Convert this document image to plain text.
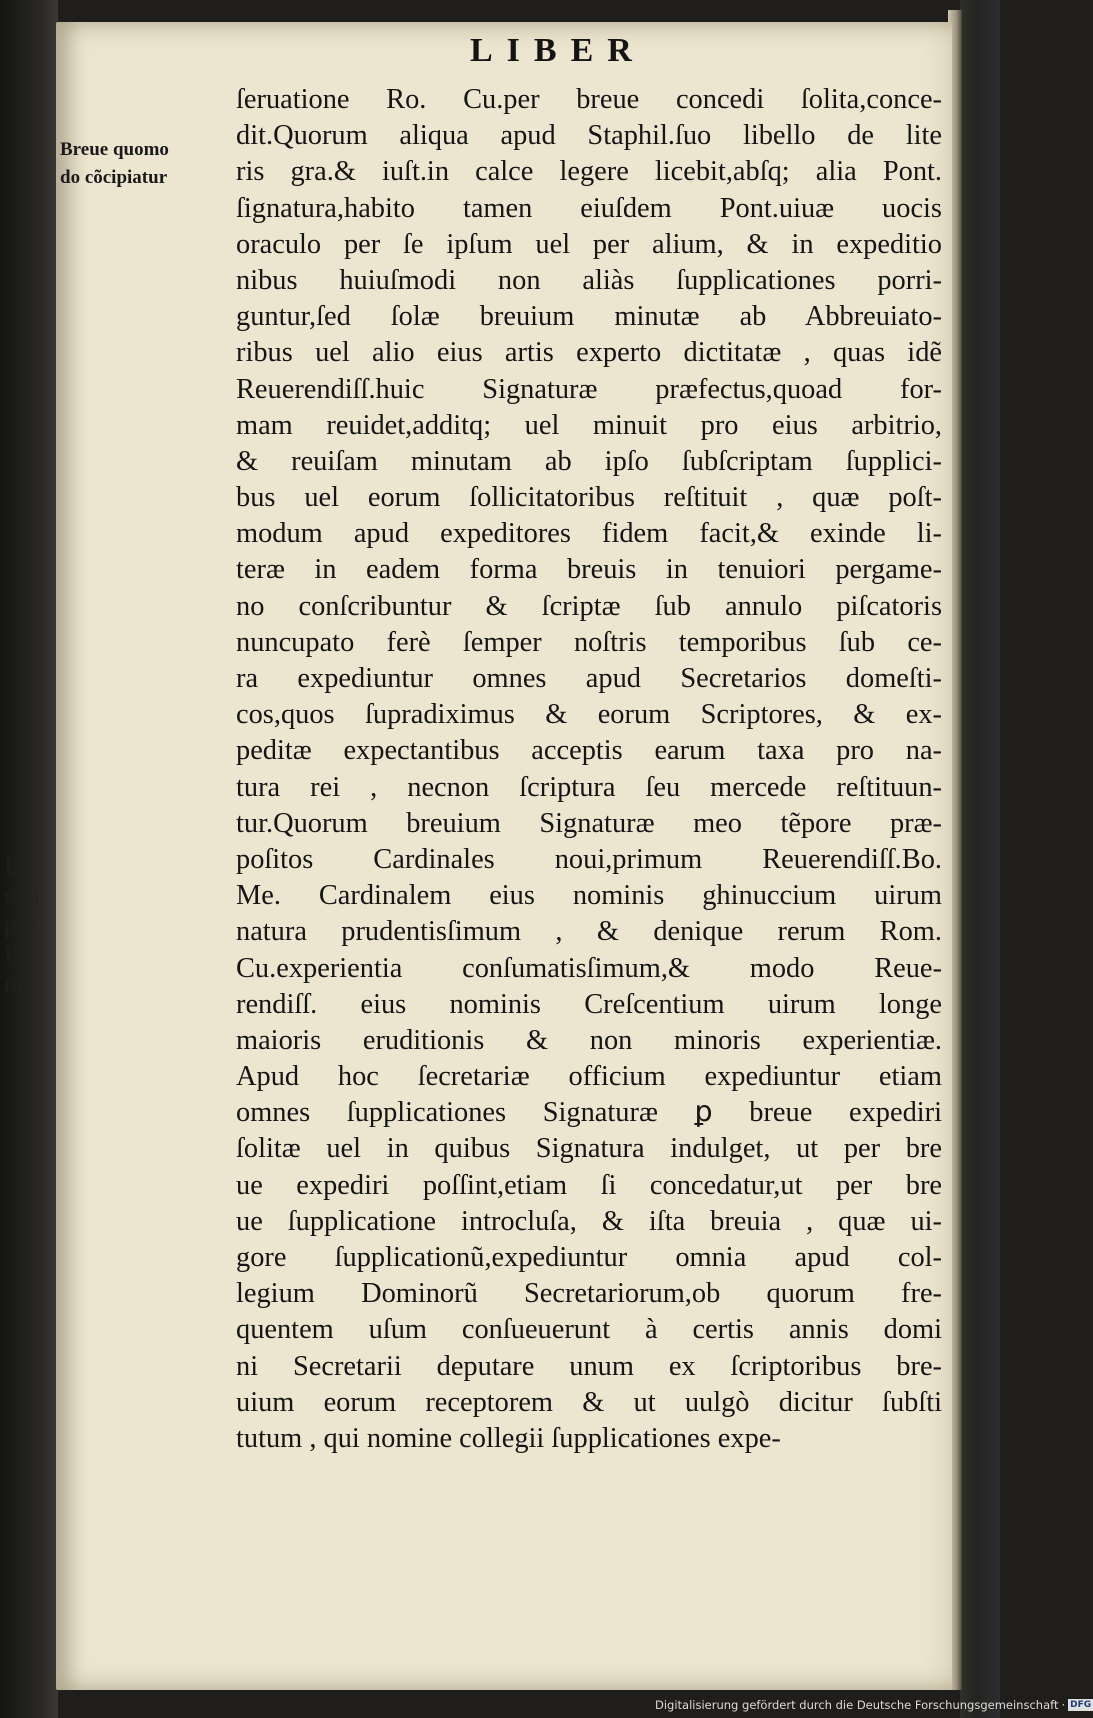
Ex
can
pre
Pa
tal.
LIBER
Breue quomo
do cõcipiatur
ſeruatione Ro. Cu.per breue concedi ſolita,conce-
dit.Quorum aliqua apud Staphil.ſuo libello de lite
ris gra.& iuſt.in calce legere licebit,abſq; alia Pont.
ſignatura,habito tamen eiuſdem Pont.uiuæ uocis
oraculo per ſe ipſum uel per alium, & in expeditio
nibus huiuſmodi non aliàs ſupplicationes porri-
guntur,ſed ſolæ breuium minutæ ab Abbreuiato-
ribus uel alio eius artis experto dictitatæ , quas idẽ
Reuerendiſſ.huic Signaturæ præfectus,quoad for-
mam reuidet,additq; uel minuit pro eius arbitrio,
& reuiſam minutam ab ipſo ſubſcriptam ſupplici-
bus uel eorum ſollicitatoribus reſtituit , quæ poſt-
modum apud expeditores fidem facit,& exinde li-
teræ in eadem forma breuis in tenuiori pergame-
no conſcribuntur & ſcriptæ ſub annulo piſcatoris
nuncupato ferè ſemper noſtris temporibus ſub ce-
ra expediuntur omnes apud Secretarios domeſti-
cos,quos ſupradiximus & eorum Scriptores, & ex-
peditæ expectantibus acceptis earum taxa pro na-
tura rei , necnon ſcriptura ſeu mercede reſtituun-
tur.Quorum breuium Signaturæ meo tẽpore præ-
poſitos Cardinales noui,primum Reuerendiſſ.Bo.
Me. Cardinalem eius nominis ghinuccium uirum
natura prudentisſimum , & denique rerum Rom.
Cu.experientia conſumatisſimum,& modo Reue-
rendiſſ. eius nominis Creſcentium uirum longe
maioris eruditionis & non minoris experientiæ.
Apud hoc ſecretariæ officium expediuntur etiam
omnes ſupplicationes Signaturæ ꝑ breue expediri
ſolitæ uel in quibus Signatura indulget, ut per bre
ue expediri poſſint,etiam ſi concedatur,ut per bre
ue ſupplicatione introcluſa, & iſta breuia , quæ ui-
gore ſupplicationũ,expediuntur omnia apud col-
legium Dominorũ Secretariorum,ob quorum fre-
quentem uſum conſueuerunt à certis annis domi
ni Secretarii deputare unum ex ſcriptoribus bre-
uium eorum receptorem & ut uulgò dicitur ſubſti
tutum , qui nomine collegii ſupplicationes expe-
Digitalisierung gefördert durch die Deutsche Forschungsgemeinschaft · DFG
